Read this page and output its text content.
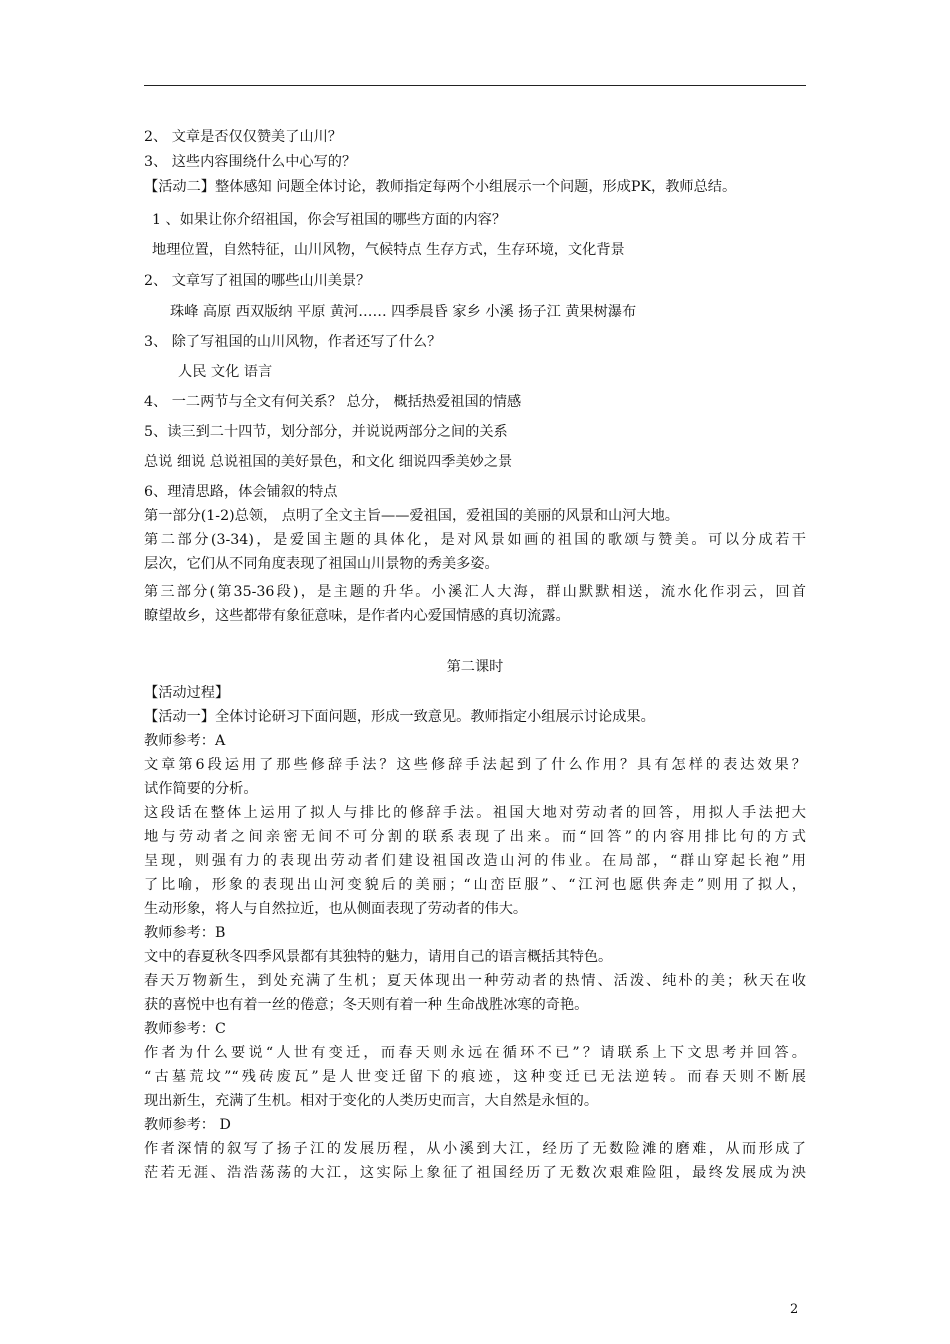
2、 文章是否仅仅赞美了山川？
3、 这些内容围绕什么中心写的？
【活动二】整体感知 问题全体讨论，教师指定每两个小组展示一个问题，形成PK，教师总结。
1 、如果让你介绍祖国，你会写祖国的哪些方面的内容？
地理位置，自然特征，山川风物，气候特点 生存方式，生存环境，文化背景
2、 文章写了祖国的哪些山川美景？
珠峰 高原 西双版纳 平原 黄河…… 四季晨昏 家乡 小溪 扬子江 黄果树瀑布
3、 除了写祖国的山川风物，作者还写了什么？
人民 文化 语言
4、 一二两节与全文有何关系？ 总分， 概括热爱祖国的情感
5、读三到二十四节，划分部分，并说说两部分之间的关系
总说 细说 总说祖国的美好景色，和文化 细说四季美妙之景
6、理清思路，体会铺叙的特点
第一部分(1-2)总领， 点明了全文主旨——爱祖国，爱祖国的美丽的风景和山河大地。
第二部分(3-34)，是爱国主题的具体化，是对风景如画的祖国的歌颂与赞美。可以分成若干
层次，它们从不同角度表现了祖国山川景物的秀美多姿。
第三部分(第35-36段)，是主题的升华。小溪汇人大海，群山默默相送，流水化作羽云，回首
瞭望故乡，这些都带有象征意味，是作者内心爱国情感的真切流露。
第二课时
【活动过程】
【活动一】全体讨论研习下面问题，形成一致意见。教师指定小组展示讨论成果。
教师参考：A
文章第6段运用了那些修辞手法？这些修辞手法起到了什么作用？具有怎样的表达效果？
试作简要的分析。
这段话在整体上运用了拟人与排比的修辞手法。祖国大地对劳动者的回答，用拟人手法把大
地与劳动者之间亲密无间不可分割的联系表现了出来。而“回答”的内容用排比句的方式
呈现，则强有力的表现出劳动者们建设祖国改造山河的伟业。在局部，“群山穿起长袍”用
了比喻，形象的表现出山河变貌后的美丽；“山峦臣服”、“江河也愿供奔走”则用了拟人，
生动形象，将人与自然拉近，也从侧面表现了劳动者的伟大。
教师参考：B
文中的春夏秋冬四季风景都有其独特的魅力，请用自己的语言概括其特色。
春天万物新生，到处充满了生机；夏天体现出一种劳动者的热情、活泼、纯朴的美；秋天在收
获的喜悦中也有着一丝的倦意；冬天则有着一种 生命战胜冰寒的奇艳。
教师参考：C
作者为什么要说“人世有变迁，而春天则永远在循环不已”？请联系上下文思考并回答。
“古墓荒坟”“残砖废瓦”是人世变迁留下的痕迹，这种变迁已无法逆转。而春天则不断展
现出新生，充满了生机。相对于变化的人类历史而言，大自然是永恒的。
教师参考： D
作者深情的叙写了扬子江的发展历程，从小溪到大江，经历了无数险滩的磨难，从而形成了
茫若无涯、浩浩荡荡的大江，这实际上象征了祖国经历了无数次艰难险阻，最终发展成为泱
2
